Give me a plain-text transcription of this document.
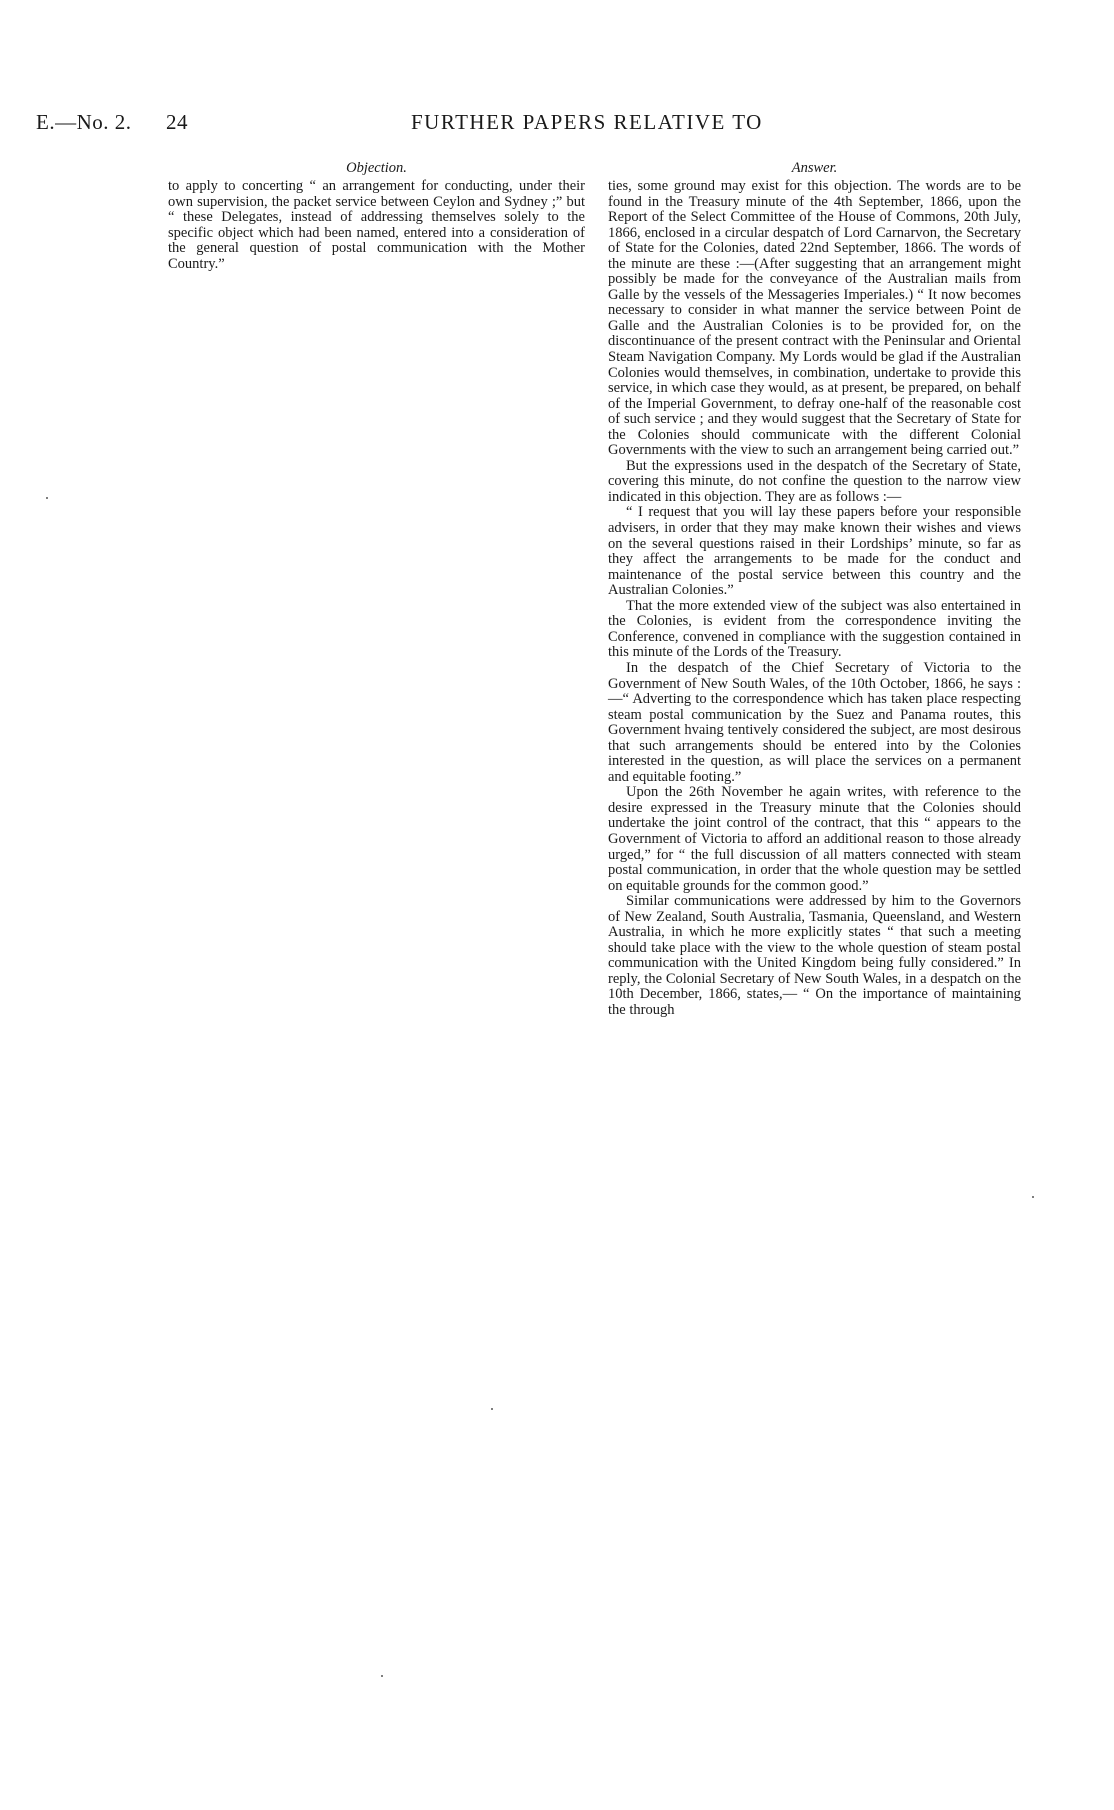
E.—No. 2. 24	FURTHER PAPERS RELATIVE TO
Objection.

to apply to concerting “ an arrangement for conducting, under their own supervision, the packet service between Ceylon and Sydney ;” but “ these Delegates, instead of addressing themselves solely to the specific object which had been named, entered into a consideration of the general question of postal communication with the Mother Country.”

Answer.

ties, some ground may exist for this objection. The words are to be found in the Treasury minute of the 4th September, 1866, upon the Report of the Select Committee of the House of Commons, 20th July, 1866, enclosed in a circular despatch of Lord Carnarvon, the Secretary of State for the Colonies, dated 22nd September, 1866. The words of the minute are these :—(After suggesting that an arrangement might possibly be made for the conveyance of the Australian mails from Galle by the vessels of the Messageries Imperiales.) “ It now becomes necessary to consider in what manner the service between Point de Galle and the Australian Colonies is to be provided for, on the discontinuance of the present contract with the Peninsular and Oriental Steam Navigation Company. My Lords would be glad if the Australian Colonies would themselves, in combination, undertake to provide this service, in which case they would, as at present, be prepared, on behalf of the Imperial Government, to defray one-half of the reasonable cost of such service ; and they would suggest that the Secretary of State for the Colonies should communicate with the different Colonial Governments with the view to such an arrangement being carried out.”

But the expressions used in the despatch of the Secretary of State, covering this minute, do not confine the question to the narrow view indicated in this objection. They are as follows :—

“ I request that you will lay these papers before your responsible advisers, in order that they may make known their wishes and views on the several questions raised in their Lordships’ minute, so far as they affect the arrangements to be made for the conduct and maintenance of the postal service between this country and the Australian Colonies.”

That the more extended view of the subject was also entertained in the Colonies, is evident from the correspondence inviting the Conference, convened in compliance with the suggestion contained in this minute of the Lords of the Treasury.

In the despatch of the Chief Secretary of Victoria to the Government of New South Wales, of the 10th October, 1866, he says :—“ Adverting to the correspondence which has taken place respecting steam postal communication by the Suez and Panama routes, this Government hvaing tentively considered the subject, are most desirous that such arrangements should be entered into by the Colonies interested in the question, as will place the services on a permanent and equitable footing.”

Upon the 26th November he again writes, with reference to the desire expressed in the Treasury minute that the Colonies should undertake the joint control of the contract, that this “ appears to the Government of Victoria to afford an additional reason to those already urged,” for “ the full discussion of all matters connected with steam postal communication, in order that the whole question may be settled on equitable grounds for the common good.”

Similar communications were addressed by him to the Governors of New Zealand, South Australia, Tasmania, Queensland, and Western Australia, in which he more explicitly states “ that such a meeting should take place with the view to the whole question of steam postal communication with the United Kingdom being fully considered.” In reply, the Colonial Secretary of New South Wales, in a despatch on the 10th December, 1866, states,— “ On the importance of maintaining the through
